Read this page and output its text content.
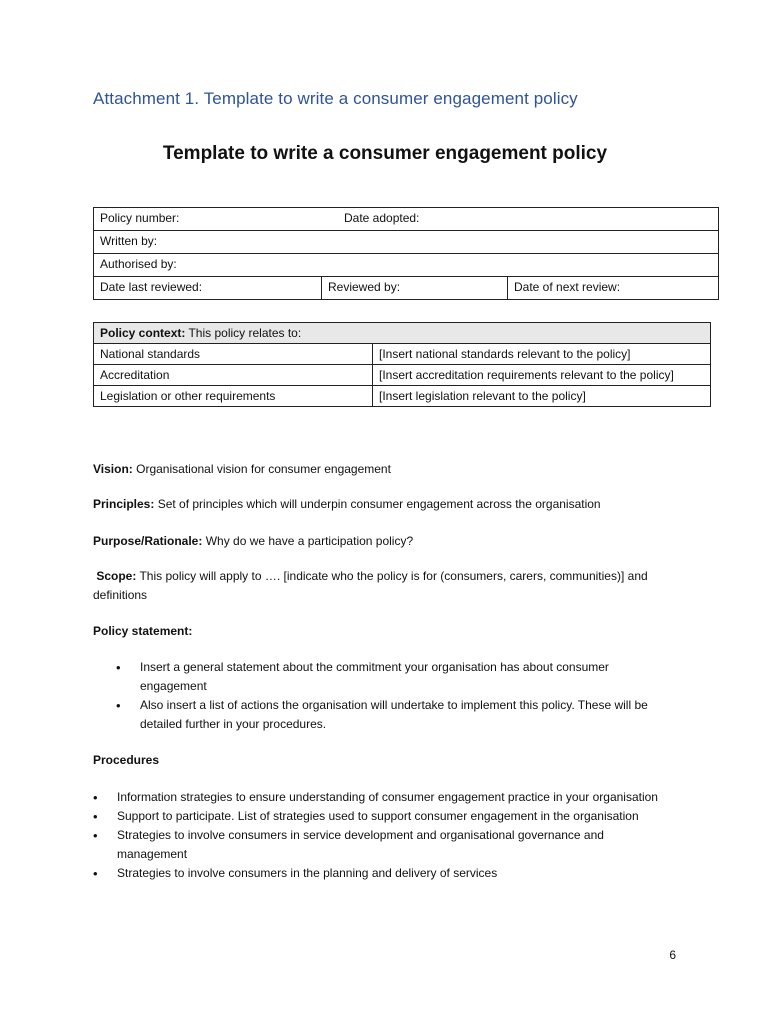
Attachment 1. Template to write a consumer engagement policy
Template to write a consumer engagement policy
Policy number:	Date adopted:
Written by:
Authorised by:
Date last reviewed:	Reviewed by:	Date of next review:
Policy context: This policy relates to:	
National standards	[Insert national standards relevant to the policy]
Accreditation	[Insert accreditation requirements relevant to the policy]
Legislation or other requirements	[Insert legislation relevant to the policy]

Vision: Organisational vision for consumer engagement

Principles: Set of principles which will underpin consumer engagement across the organisation

Purpose/Rationale: Why do we have a participation policy?

Scope: This policy will apply to …. [indicate who the policy is for (consumers, carers, communities)] and definitions

Policy statement:

• Insert a general statement about the commitment your organisation has about consumer engagement
• Also insert a list of actions the organisation will undertake to implement this policy. These will be detailed further in your procedures.

Procedures

• Information strategies to ensure understanding of consumer engagement practice in your organisation
• Support to participate. List of strategies used to support consumer engagement in the organisation
• Strategies to involve consumers in service development and organisational governance and management
• Strategies to involve consumers in the planning and delivery of services
6
